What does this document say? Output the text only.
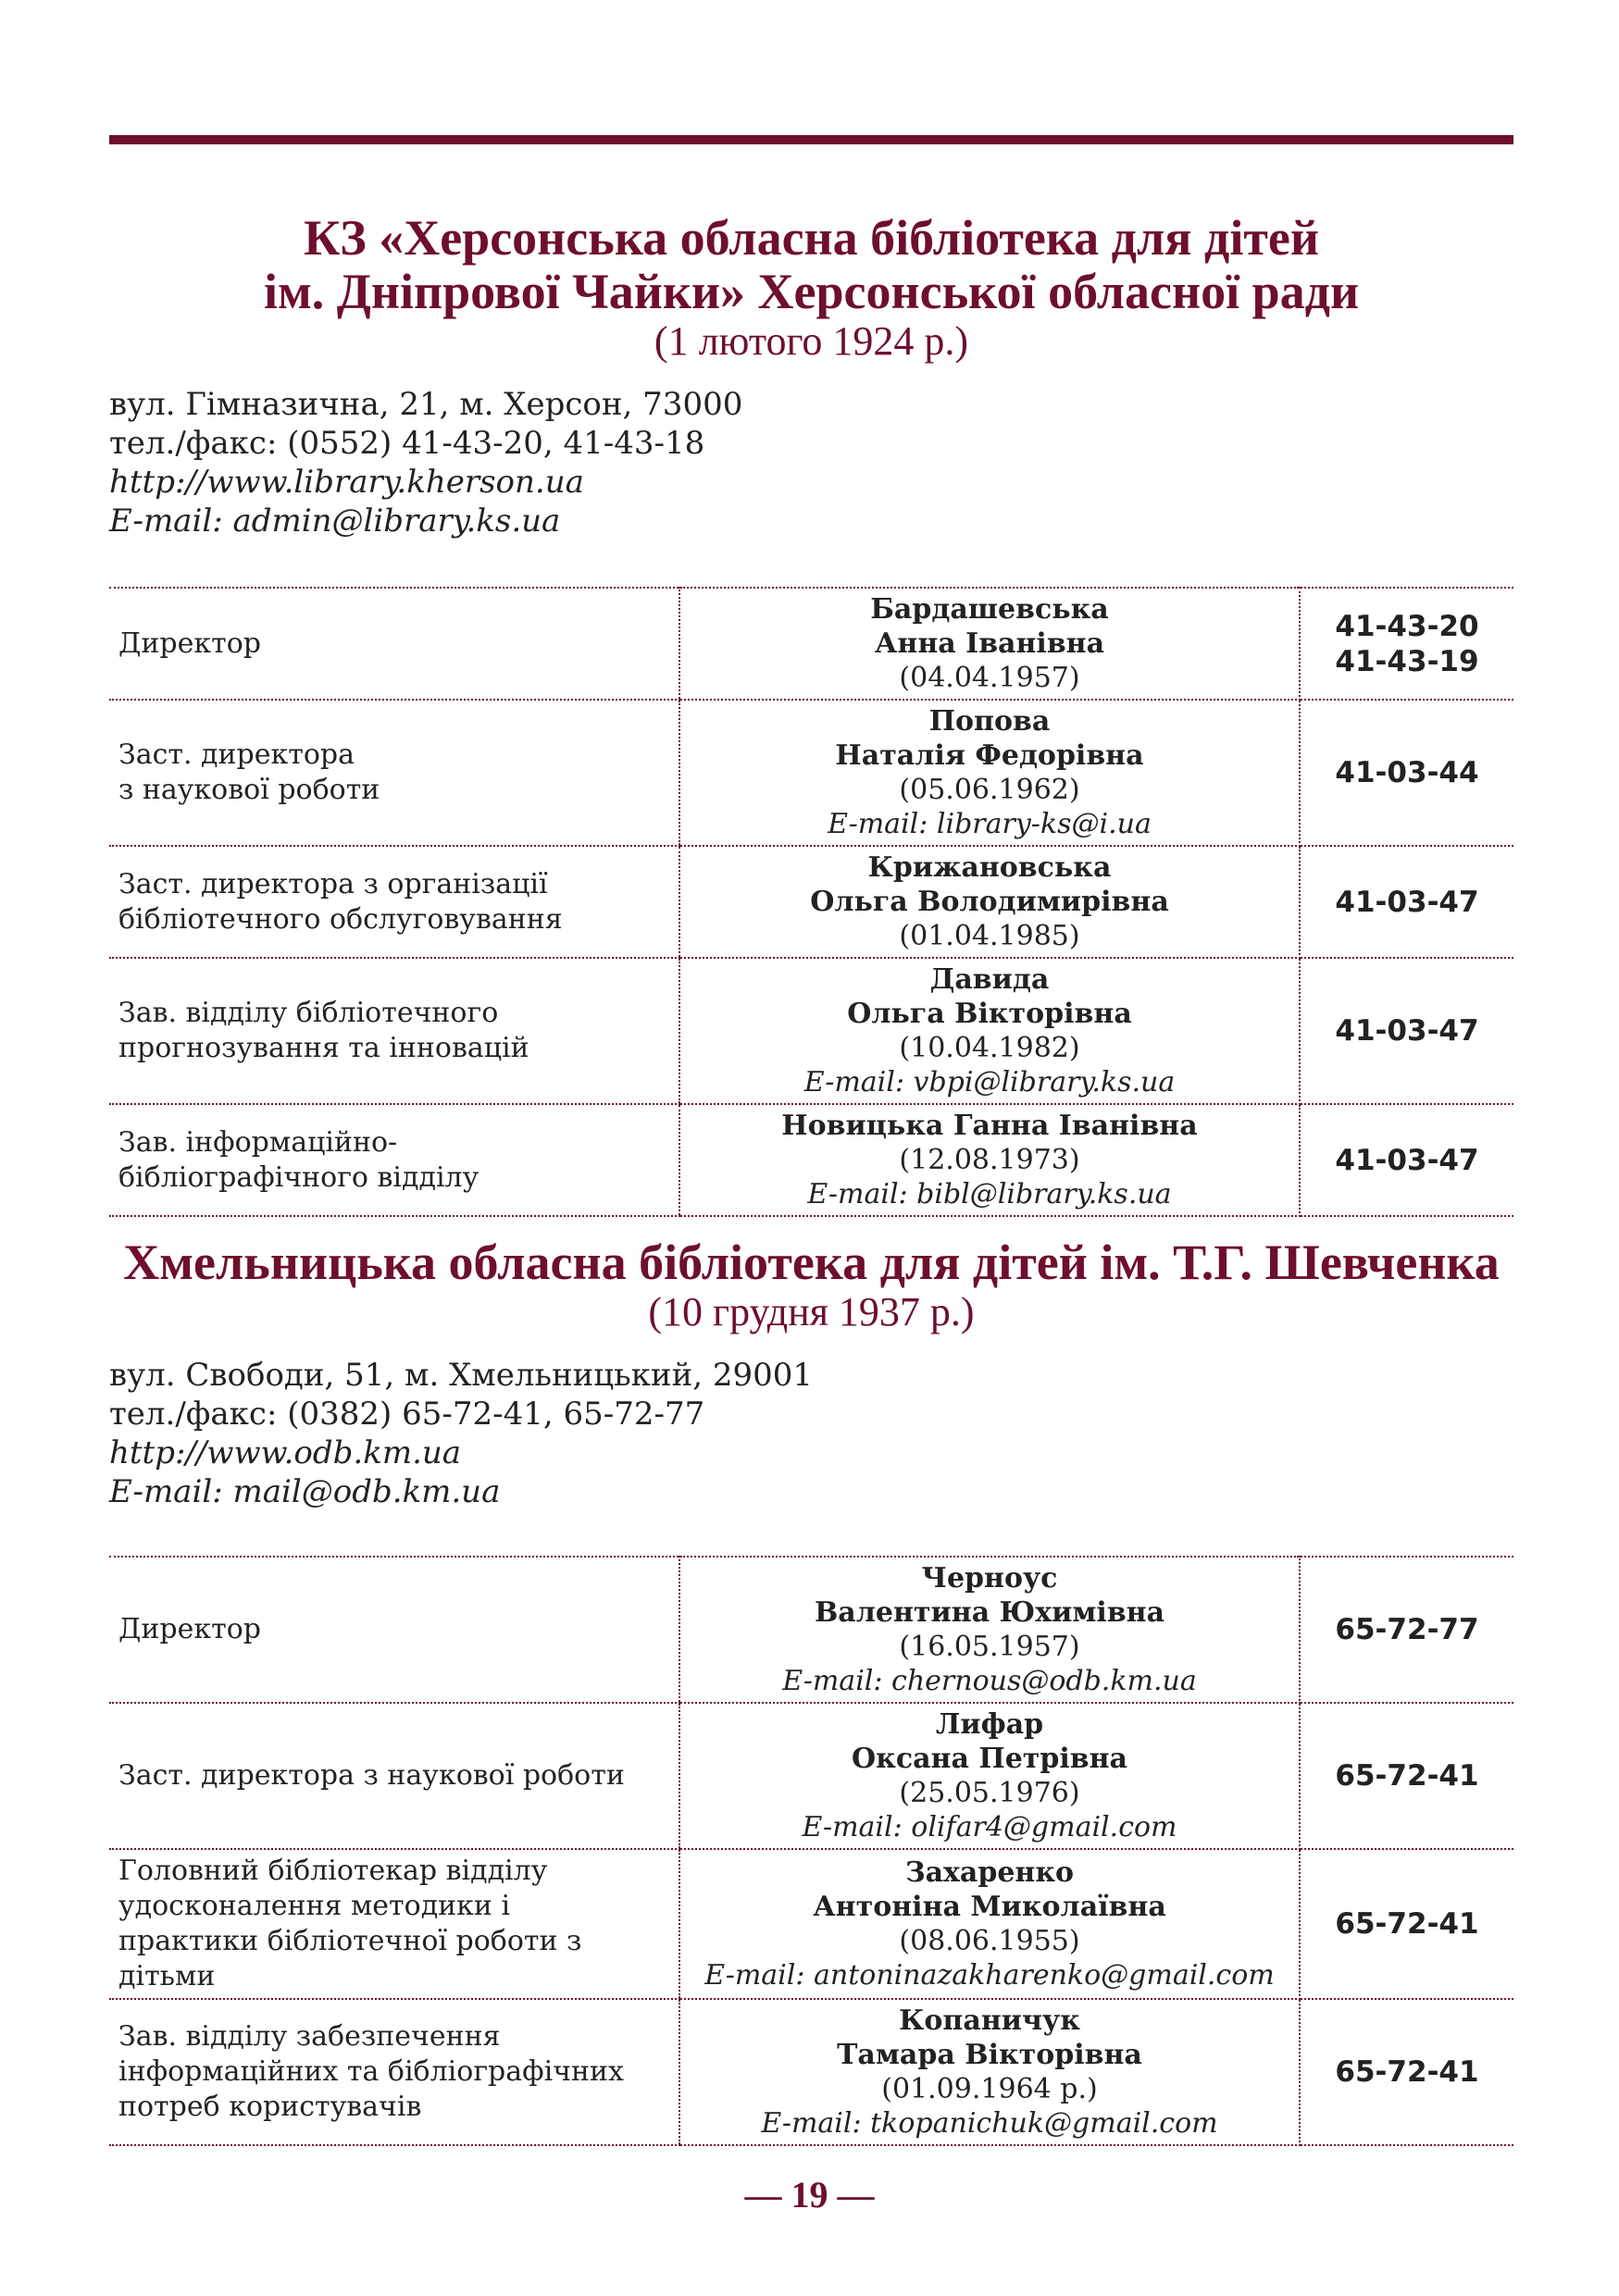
КЗ «Херсонська обласна бібліотека для дітей
ім. Дніпрової Чайки» Херсонської обласної ради

(1 лютого 1924 р.)

вул. Гімназична, 21, м. Херсон, 73000
тел./факс: (0552) 41-43-20, 41-43-18
http://www.library.kherson.ua
E-mail: admin@library.ks.ua
Директор	Бардашевська
Анна Іванівна
(04.04.1957)	41-43-20
41-43-19

Заст. директора
з наукової роботи	Попова
Наталія Федорівна
(05.06.1962)
E-mail: library-ks@i.ua	41-03-44

Заст. директора з організації
бібліотечного обслуговування	Крижановська
Ольга Володимирівна
(01.04.1985)	41-03-47

Зав. відділу бібліотечного
прогнозування та інновацій	Давида
Ольга Вікторівна
(10.04.1982)
E-mail: vbpi@library.ks.ua	41-03-47

Зав. інформаційно-
бібліографічного відділу	Новицька Ганна Іванівна
(12.08.1973)
E-mail: bibl@library.ks.ua	41-03-47

Хмельницька обласна бібліотека для дітей ім. Т.Г. Шевченка

(10 грудня 1937 р.)

вул. Свободи, 51, м. Хмельницький, 29001
тел./факс: (0382) 65-72-41, 65-72-77
http://www.odb.km.ua
E-mail: mail@odb.km.ua
Директор	Черноус
Валентина Юхимівна
(16.05.1957)
E-mail: chernous@odb.km.ua	65-72-77

Заст. директора з наукової роботи	Лифар
Оксана Петрівна
(25.05.1976)
E-mail: olifar4@gmail.com	65-72-41

Головний бібліотекар відділу
удосконалення методики і
практики бібліотечної роботи з
дітьми	Захаренко
Антоніна Миколаївна
(08.06.1955)
E-mail: antoninazakharenko@gmail.com	65-72-41

Зав. відділу забезпечення
інформаційних та бібліографічних
потреб користувачів	Копаничук
Тамара Вікторівна
(01.09.1964 р.)
E-mail: tkopanichuk@gmail.com	65-72-41
— 19 —
